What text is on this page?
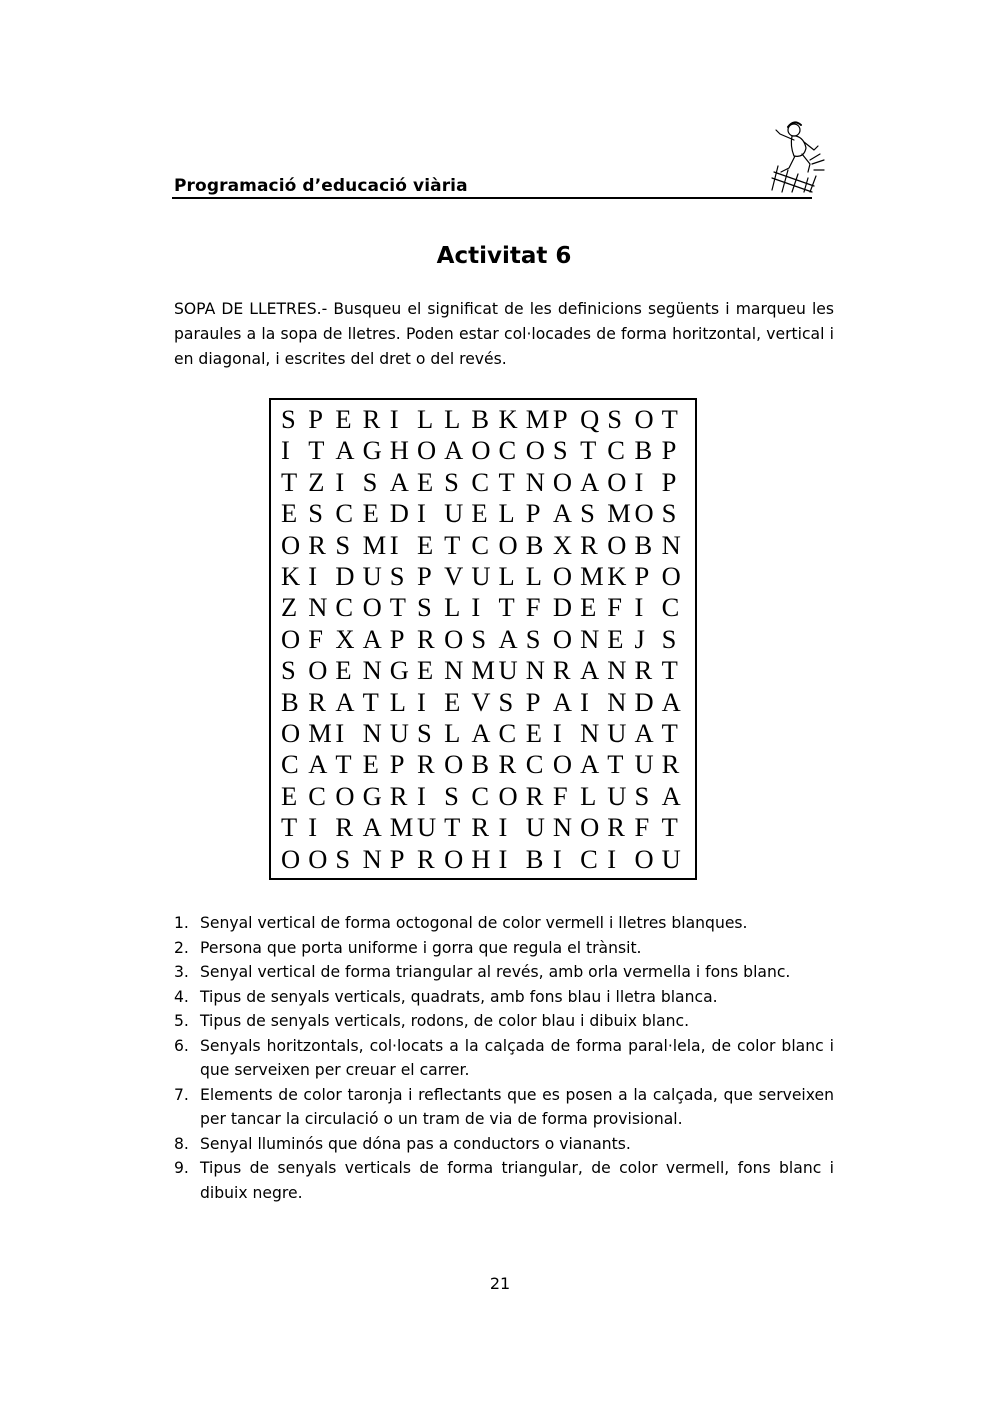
Programació d’educació viària
Activitat 6
SOPA DE LLETRES.- Busqueu el significat de les definicions següents i marqueu les paraules a la sopa de lletres. Poden estar col·locades de forma horitzontal, vertical i en diagonal, i escrites del dret o del revés.
S P E R I L L B K M P Q S O T
I T A G H O A O C O S T C B P
T Z I S A E S C T N O A O I P
E S C E D I U E L P A S M O S
O R S M I E T C O B X R O B N
K I D U S P V U L L O M K P O
Z N C O T S L I T F D E F I C
O F X A P R O S A S O N E J S
S O E N G E N M U N R A N R T
B R A T L I E V S P A I N D A
O M I N U S L A C E I N U A T
C A T E P R O B R C O A T U R
E C O G R I S C O R F L U S A
T I R A M U T R I U N O R F T
O O S N P R O H I B I C I O U
1. Senyal vertical de forma octogonal de color vermell i lletres blanques.
2. Persona que porta uniforme i gorra que regula el trànsit.
3. Senyal vertical de forma triangular al revés, amb orla vermella i fons blanc.
4. Tipus de senyals verticals, quadrats, amb fons blau i lletra blanca.
5. Tipus de senyals verticals, rodons, de color blau i dibuix blanc.
6. Senyals horitzontals, col·locats a la calçada de forma paral·lela, de color blanc i que serveixen per creuar el carrer.
7. Elements de color taronja i reflectants que es posen a la calçada, que serveixen per tancar la circulació o un tram de via de forma provisional.
8. Senyal lluminós que dóna pas a conductors o vianants.
9. Tipus de senyals verticals de forma triangular, de color vermell, fons blanc i dibuix negre.
21
